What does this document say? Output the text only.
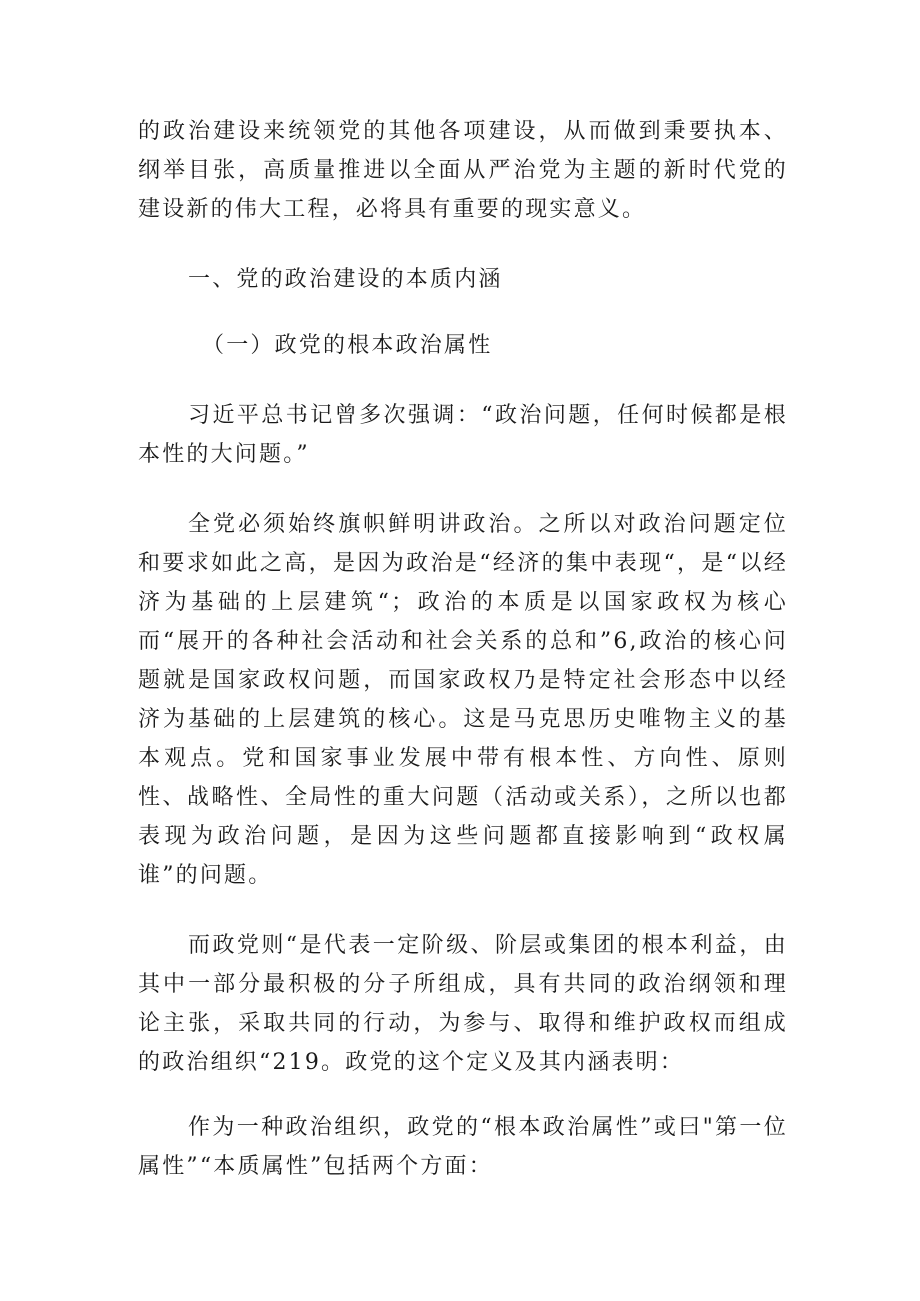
的政治建设来统领党的其他各项建设，从而做到秉要执本、纲举目张，高质量推进以全面从严治党为主题的新时代党的建设新的伟大工程，必将具有重要的现实意义。

一、党的政治建设的本质内涵

（一）政党的根本政治属性

习近平总书记曾多次强调：“政治问题，任何时候都是根本性的大问题。”

全党必须始终旗帜鲜明讲政治。之所以对政治问题定位和要求如此之高，是因为政治是“经济的集中表现“，是“以经济为基础的上层建筑“；政治的本质是以国家政权为核心而“展开的各种社会活动和社会关系的总和”6,政治的核心问题就是国家政权问题，而国家政权乃是特定社会形态中以经济为基础的上层建筑的核心。这是马克思历史唯物主义的基本观点。党和国家事业发展中带有根本性、方向性、原则性、战略性、全局性的重大问题（活动或关系），之所以也都表现为政治问题，是因为这些问题都直接影响到“政权属谁”的问题。

而政党则“是代表一定阶级、阶层或集团的根本利益，由其中一部分最积极的分子所组成，具有共同的政治纲领和理论主张，采取共同的行动，为参与、取得和维护政权而组成的政治组织“219。政党的这个定义及其内涵表明：

作为一种政治组织，政党的“根本政治属性”或曰"第一位属性”“本质属性”包括两个方面：
